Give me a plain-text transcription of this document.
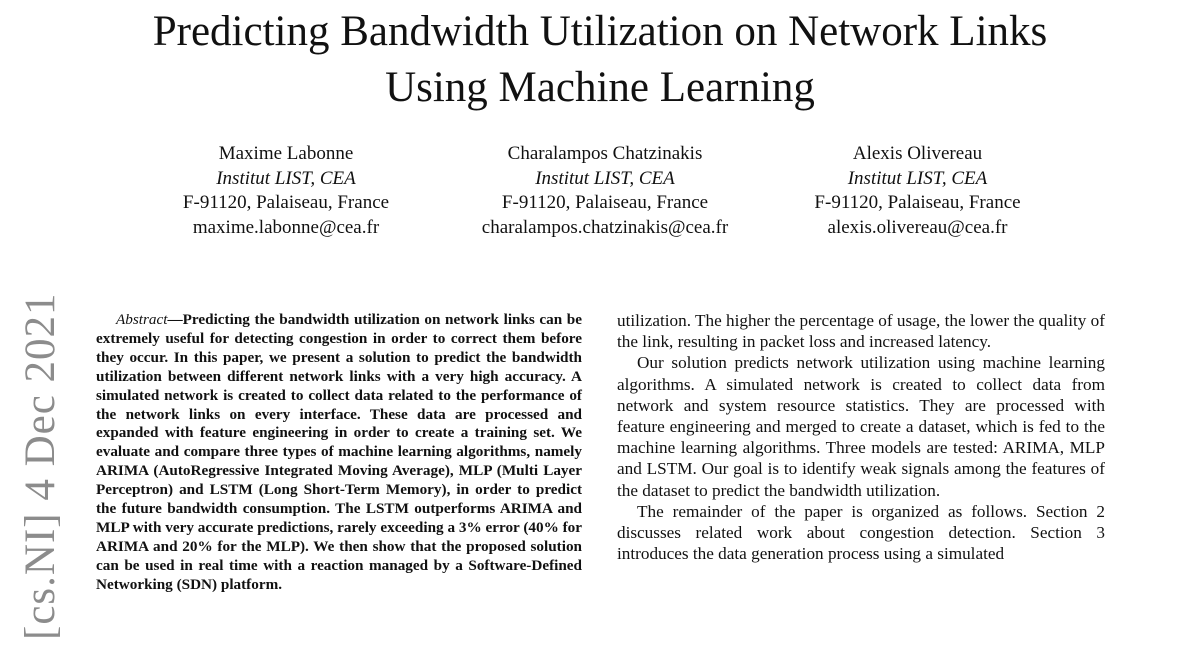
Predicting Bandwidth Utilization on Network Links
Using Machine Learning
Maxime Labonne
Institut LIST, CEA
F-91120, Palaiseau, France
maxime.labonne@cea.fr
Charalampos Chatzinakis
Institut LIST, CEA
F-91120, Palaiseau, France
charalampos.chatzinakis@cea.fr
Alexis Olivereau
Institut LIST, CEA
F-91120, Palaiseau, France
alexis.olivereau@cea.fr
[cs.NI] 4 Dec 2021	Abstract—Predicting the bandwidth utilization on network links can be extremely useful for detecting congestion in order to correct them before they occur. In this paper, we present a solution to predict the bandwidth utilization between different network links with a very high accuracy. A simulated network is created to collect data related to the performance of the network links on every interface. These data are processed and expanded with feature engineering in order to create a training set. We evaluate and compare three types of machine learning algorithms, namely ARIMA (AutoRegressive Integrated Moving Average), MLP (Multi Layer Perceptron) and LSTM (Long Short-Term Memory), in order to predict the future bandwidth consumption. The LSTM outperforms ARIMA and MLP with very accurate predictions, rarely exceeding a 3% error (40% for ARIMA and 20% for the MLP). We then show that the proposed solution can be used in real time with a reaction managed by a Software-Defined Networking (SDN) platform.

utilization. The higher the percentage of usage, the lower the quality of the link, resulting in packet loss and increased latency.

Our solution predicts network utilization using machine learning algorithms. A simulated network is created to collect data from network and system resource statistics. They are processed with feature engineering and merged to create a dataset, which is fed to the machine learning algorithms. Three models are tested: ARIMA, MLP and LSTM. Our goal is to identify weak signals among the features of the dataset to predict the bandwidth utilization.

The remainder of the paper is organized as follows. Section 2 discusses related work about congestion detection. Section 3 introduces the data generation process using a simulated
